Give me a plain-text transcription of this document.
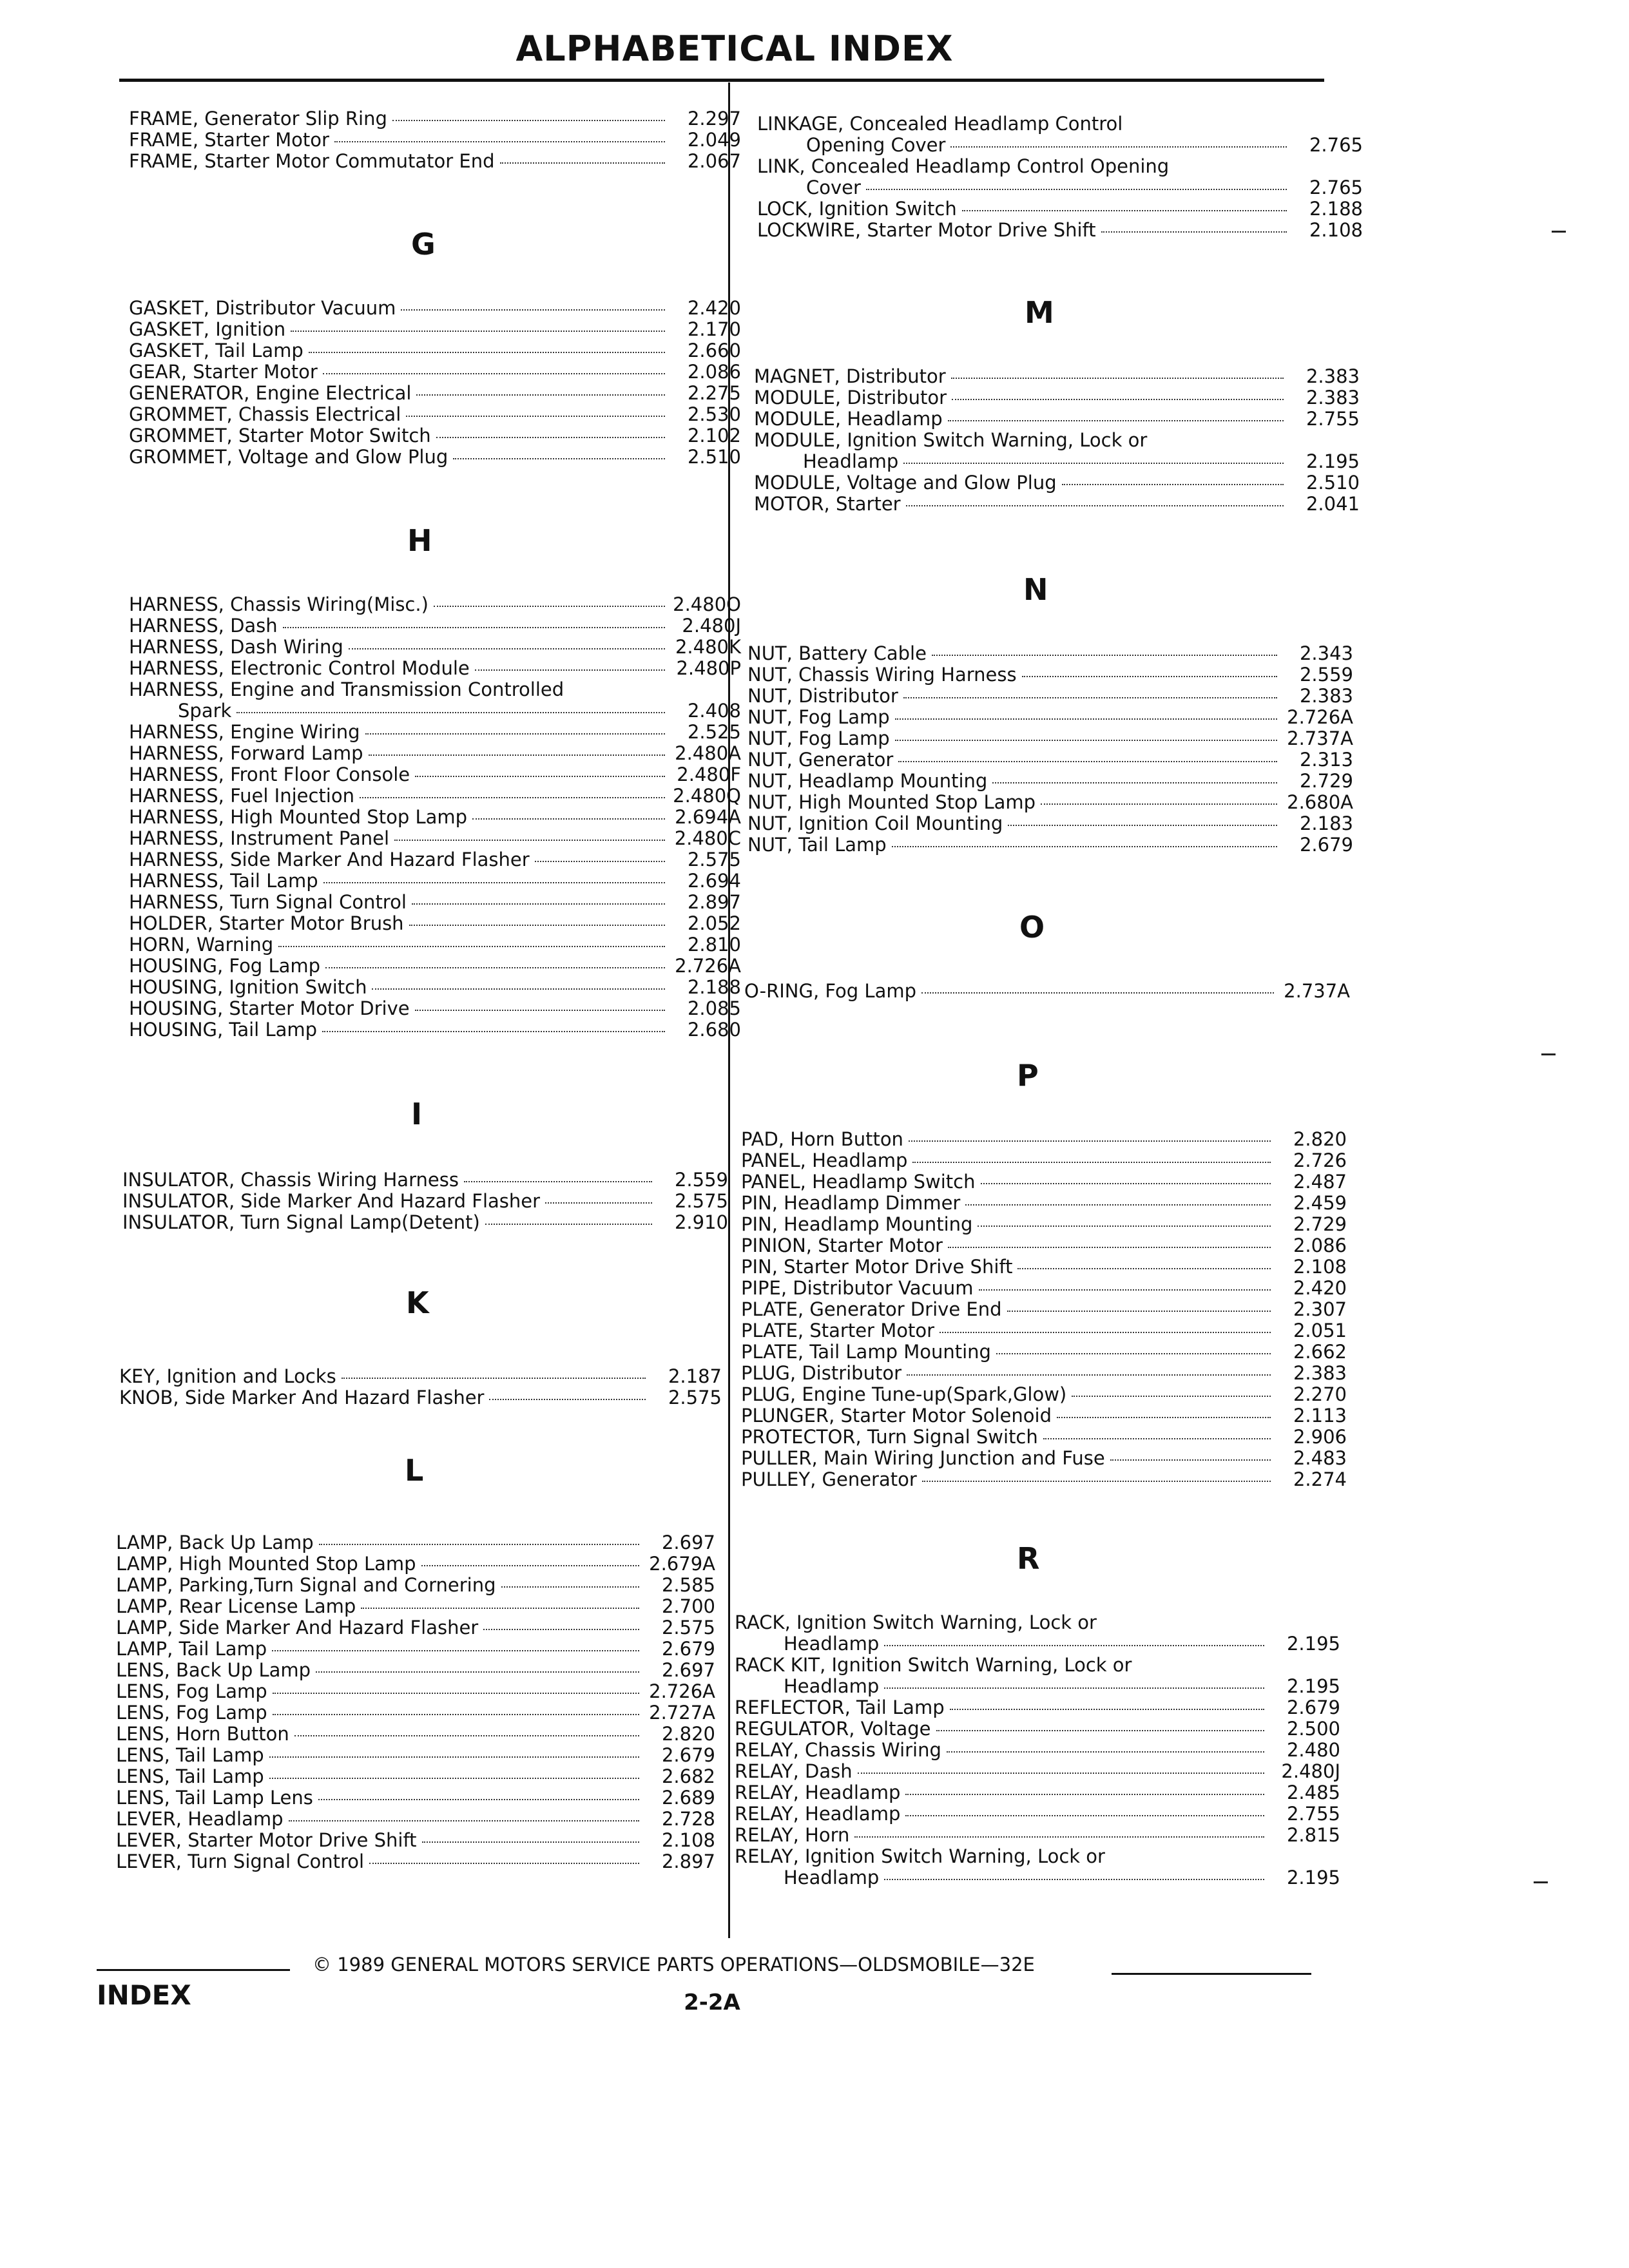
ALPHABETICAL INDEX
FRAME, Generator Slip Ring	2.297
FRAME, Starter Motor	2.049
FRAME, Starter Motor Commutator End	2.067
G
GASKET, Distributor Vacuum	2.420
GASKET, Ignition	2.170
GASKET, Tail Lamp	2.660
GEAR, Starter Motor	2.086
GENERATOR, Engine Electrical	2.275
GROMMET, Chassis Electrical	2.530
GROMMET, Starter Motor Switch	2.102
GROMMET, Voltage and Glow Plug	2.510
H
HARNESS, Chassis Wiring(Misc.)	2.480O
HARNESS, Dash	2.480J
HARNESS, Dash Wiring	2.480K
HARNESS, Electronic Control Module	2.480P
HARNESS, Engine and Transmission Controlled
Spark	2.408
HARNESS, Engine Wiring	2.525
HARNESS, Forward Lamp	2.480A
HARNESS, Front Floor Console	2.480F
HARNESS, Fuel Injection	2.480Q
HARNESS, High Mounted Stop Lamp	2.694A
HARNESS, Instrument Panel	2.480C
HARNESS, Side Marker And Hazard Flasher	2.575
HARNESS, Tail Lamp	2.694
HARNESS, Turn Signal Control	2.897
HOLDER, Starter Motor Brush	2.052
HORN, Warning	2.810
HOUSING, Fog Lamp	2.726A
HOUSING, Ignition Switch	2.188
HOUSING, Starter Motor Drive	2.085
HOUSING, Tail Lamp	2.680
I
INSULATOR, Chassis Wiring Harness	2.559
INSULATOR, Side Marker And Hazard Flasher	2.575
INSULATOR, Turn Signal Lamp(Detent)	2.910
K
KEY, Ignition and Locks	2.187
KNOB, Side Marker And Hazard Flasher	2.575
L
LAMP, Back Up Lamp	2.697
LAMP, High Mounted Stop Lamp	2.679A
LAMP, Parking,Turn Signal and Cornering	2.585
LAMP, Rear License Lamp	2.700
LAMP, Side Marker And Hazard Flasher	2.575
LAMP, Tail Lamp	2.679
LENS, Back Up Lamp	2.697
LENS, Fog Lamp	2.726A
LENS, Fog Lamp	2.727A
LENS, Horn Button	2.820
LENS, Tail Lamp	2.679
LENS, Tail Lamp	2.682
LENS, Tail Lamp Lens	2.689
LEVER, Headlamp	2.728
LEVER, Starter Motor Drive Shift	2.108
LEVER, Turn Signal Control	2.897
LINKAGE, Concealed Headlamp Control
Opening Cover	2.765
LINK, Concealed Headlamp Control Opening
Cover	2.765
LOCK, Ignition Switch	2.188
LOCKWIRE, Starter Motor Drive Shift	2.108
M
MAGNET, Distributor	2.383
MODULE, Distributor	2.383
MODULE, Headlamp	2.755
MODULE, Ignition Switch Warning, Lock or
Headlamp	2.195
MODULE, Voltage and Glow Plug	2.510
MOTOR, Starter	2.041
N
NUT, Battery Cable	2.343
NUT, Chassis Wiring Harness	2.559
NUT, Distributor	2.383
NUT, Fog Lamp	2.726A
NUT, Fog Lamp	2.737A
NUT, Generator	2.313
NUT, Headlamp Mounting	2.729
NUT, High Mounted Stop Lamp	2.680A
NUT, Ignition Coil Mounting	2.183
NUT, Tail Lamp	2.679
O
O-RING, Fog Lamp	2.737A
P
PAD, Horn Button	2.820
PANEL, Headlamp	2.726
PANEL, Headlamp Switch	2.487
PIN, Headlamp Dimmer	2.459
PIN, Headlamp Mounting	2.729
PINION, Starter Motor	2.086
PIN, Starter Motor Drive Shift	2.108
PIPE, Distributor Vacuum	2.420
PLATE, Generator Drive End	2.307
PLATE, Starter Motor	2.051
PLATE, Tail Lamp Mounting	2.662
PLUG, Distributor	2.383
PLUG, Engine Tune-up(Spark,Glow)	2.270
PLUNGER, Starter Motor Solenoid	2.113
PROTECTOR, Turn Signal Switch	2.906
PULLER, Main Wiring Junction and Fuse	2.483
PULLEY, Generator	2.274
R
RACK, Ignition Switch Warning, Lock or
Headlamp	2.195
RACK KIT, Ignition Switch Warning, Lock or
Headlamp	2.195
REFLECTOR, Tail Lamp	2.679
REGULATOR, Voltage	2.500
RELAY, Chassis Wiring	2.480
RELAY, Dash	2.480J
RELAY, Headlamp	2.485
RELAY, Headlamp	2.755
RELAY, Horn	2.815
RELAY, Ignition Switch Warning, Lock or
Headlamp	2.195
© 1989 GENERAL MOTORS SERVICE PARTS OPERATIONS—OLDSMOBILE—32E
INDEX	2-2A
